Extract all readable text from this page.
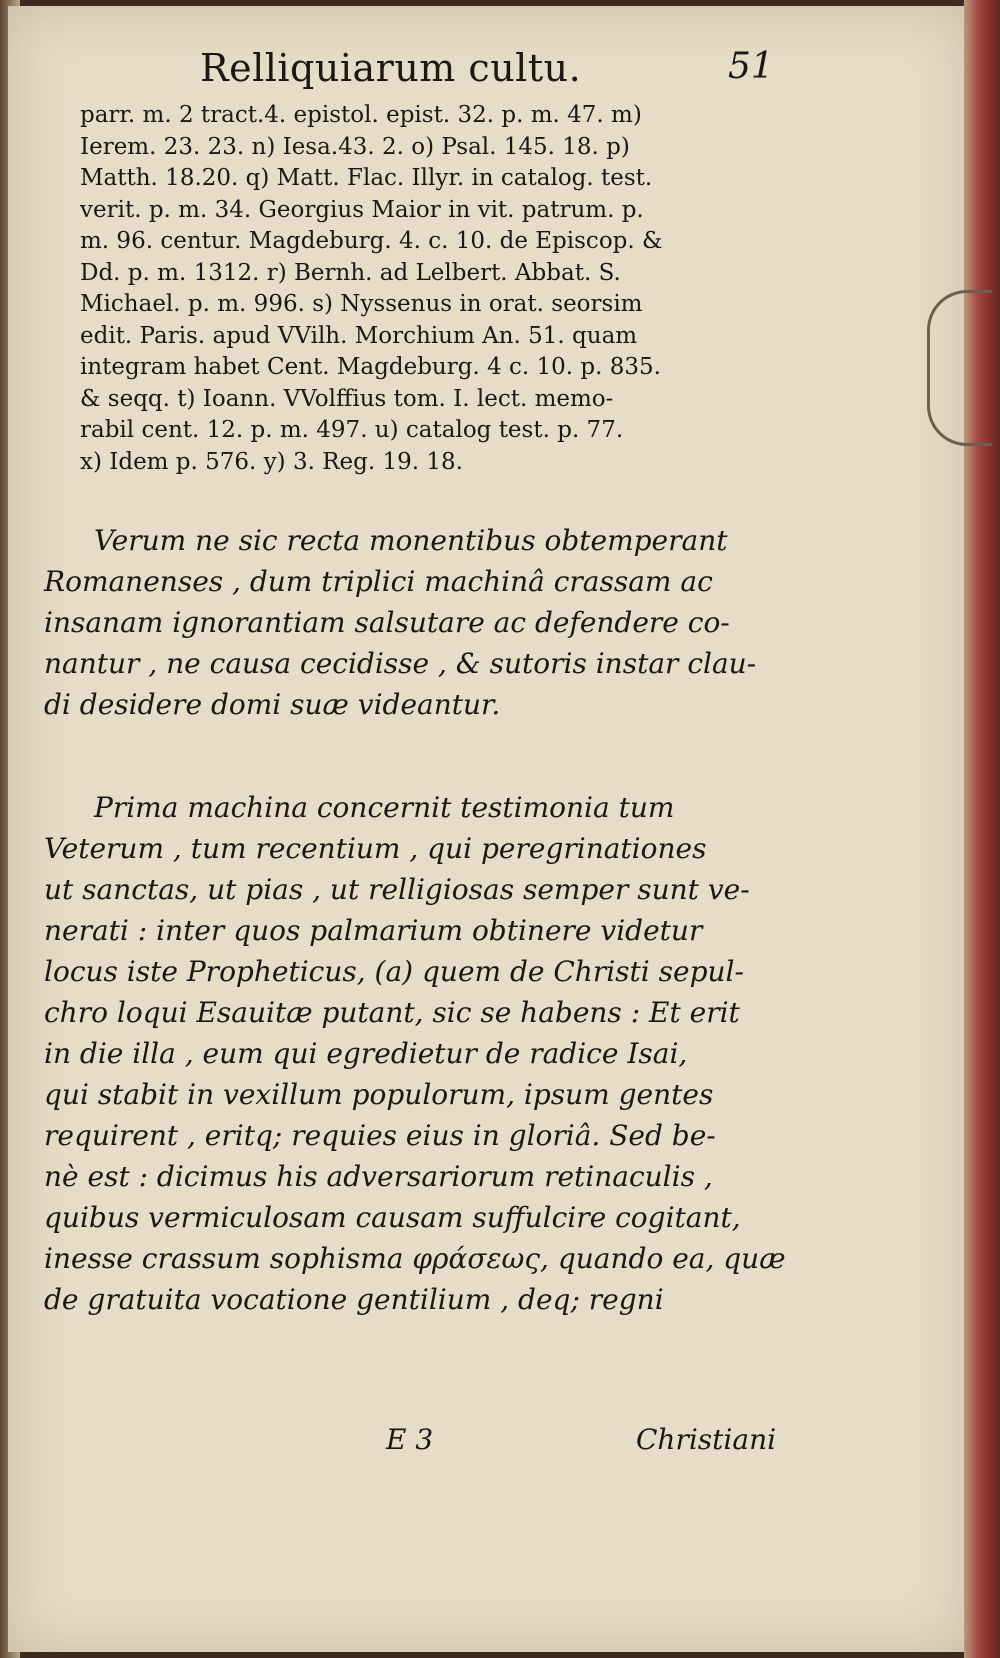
Relliquiarum cultu.	51
parr. m. 2 tract.4. epistol. epist. 32. p. m. 47. m)
Ierem. 23. 23. n) Iesa.43. 2. o) Psal. 145. 18. p)
Matth. 18.20. q) Matt. Flac. Illyr. in catalog. test.
verit. p. m. 34. Georgius Maior in vit. patrum. p.
m. 96. centur. Magdeburg. 4. c. 10. de Episcop. &
Dd. p. m. 1312. r) Bernh. ad Lelbert. Abbat. S.
Michael. p. m. 996. s) Nyssenus in orat. seorsim
edit. Paris. apud VVilh. Morchium An. 51. quam
integram habet Cent. Magdeburg. 4 c. 10. p. 835.
& seqq. t) Ioann. VVolffius tom. I. lect. memo-
rabil cent. 12. p. m. 497. u) catalog test. p. 77.
x) Idem p. 576. y) 3. Reg. 19. 18.
Verum ne sic recta monentibus obtemperant
Romanenses , dum triplici machinâ crassam ac
insanam ignorantiam salsutare ac defendere co-
nantur , ne causa cecidisse , & sutoris instar clau-
di desidere domi suæ videantur.
Prima machina concernit testimonia tum
Veterum , tum recentium , qui peregrinationes
ut sanctas, ut pias , ut relligiosas semper sunt ve-
nerati : inter quos palmarium obtinere videtur
locus iste Propheticus, (a) quem de Christi sepul-
chro loqui Esauitæ putant, sic se habens : Et erit
in die illa , eum qui egredietur de radice Isai,
qui stabit in vexillum populorum, ipsum gentes
requirent , eritq; requies eius in gloriâ. Sed be-
nè est : dicimus his adversariorum retinaculis ,
quibus vermiculosam causam suffulcire cogitant,
inesse crassum sophisma φράσεως, quando ea, quæ
de gratuita vocatione gentilium , deq; regni
E 3	Christiani
